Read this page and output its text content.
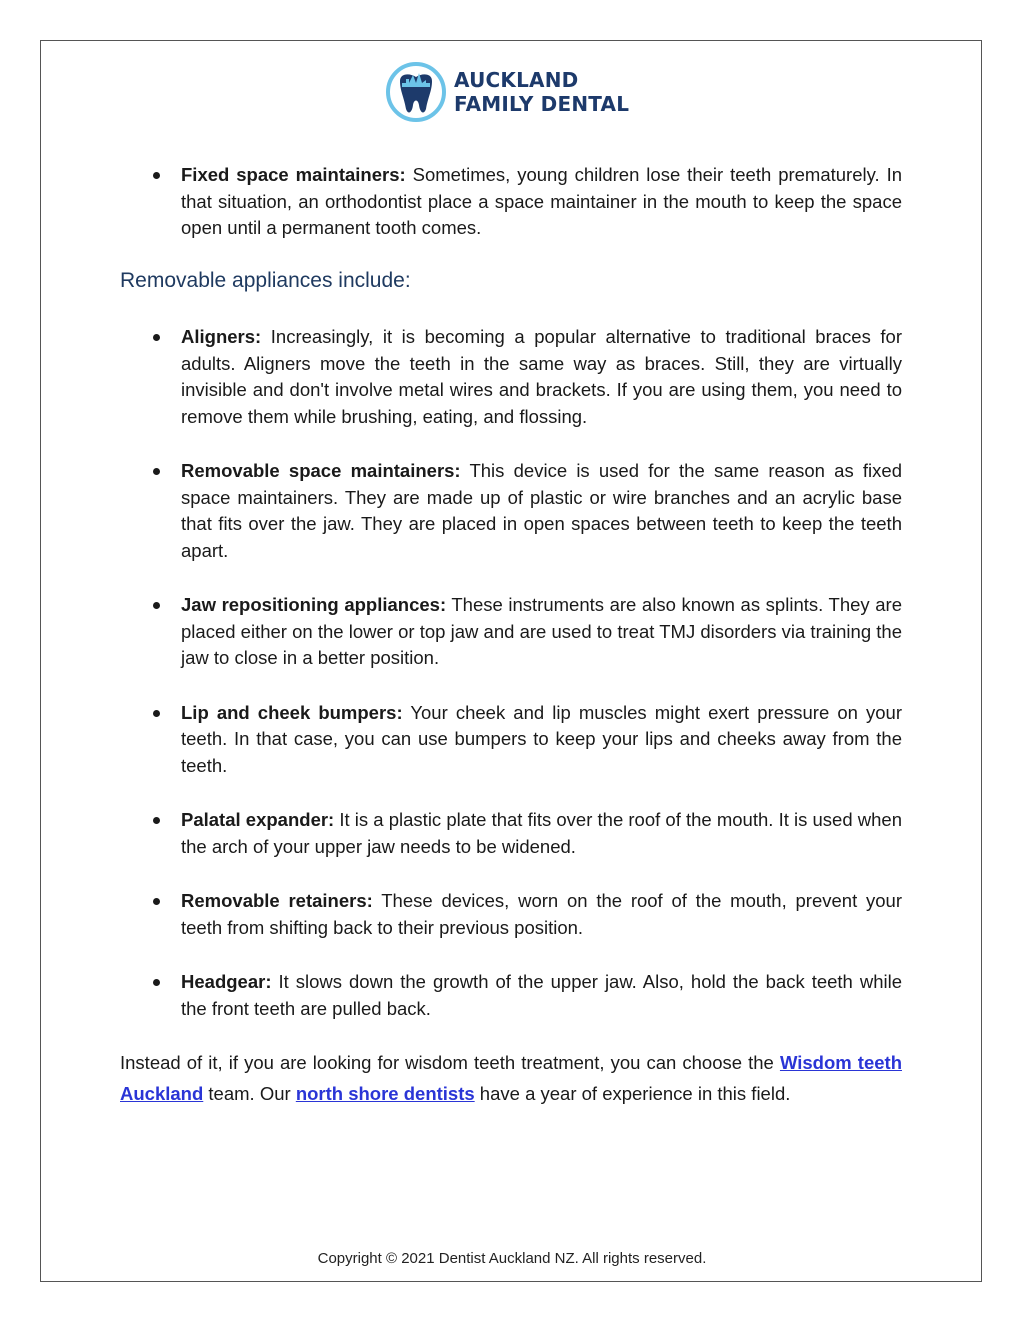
AUCKLAND
FAMILY DENTAL
Fixed space maintainers: Sometimes, young children lose their teeth prematurely. In that situation, an orthodontist place a space maintainer in the mouth to keep the space open until a permanent tooth comes.
Removable appliances include:
Aligners: Increasingly, it is becoming a popular alternative to traditional braces for adults. Aligners move the teeth in the same way as braces. Still, they are virtually invisible and don't involve metal wires and brackets. If you are using them, you need to remove them while brushing, eating, and flossing.
Removable space maintainers: This device is used for the same reason as fixed space maintainers. They are made up of plastic or wire branches and an acrylic base that fits over the jaw. They are placed in open spaces between teeth to keep the teeth apart.
Jaw repositioning appliances: These instruments are also known as splints. They are placed either on the lower or top jaw and are used to treat TMJ disorders via training the jaw to close in a better position.
Lip and cheek bumpers: Your cheek and lip muscles might exert pressure on your teeth. In that case, you can use bumpers to keep your lips and cheeks away from the teeth.
Palatal expander: It is a plastic plate that fits over the roof of the mouth. It is used when the arch of your upper jaw needs to be widened.
Removable retainers: These devices, worn on the roof of the mouth, prevent your teeth from shifting back to their previous position.
Headgear: It slows down the growth of the upper jaw. Also, hold the back teeth while the front teeth are pulled back.

Instead of it, if you are looking for wisdom teeth treatment, you can choose the Wisdom teeth Auckland team. Our north shore dentists have a year of experience in this field.

Copyright © 2021 Dentist Auckland NZ. All rights reserved.
